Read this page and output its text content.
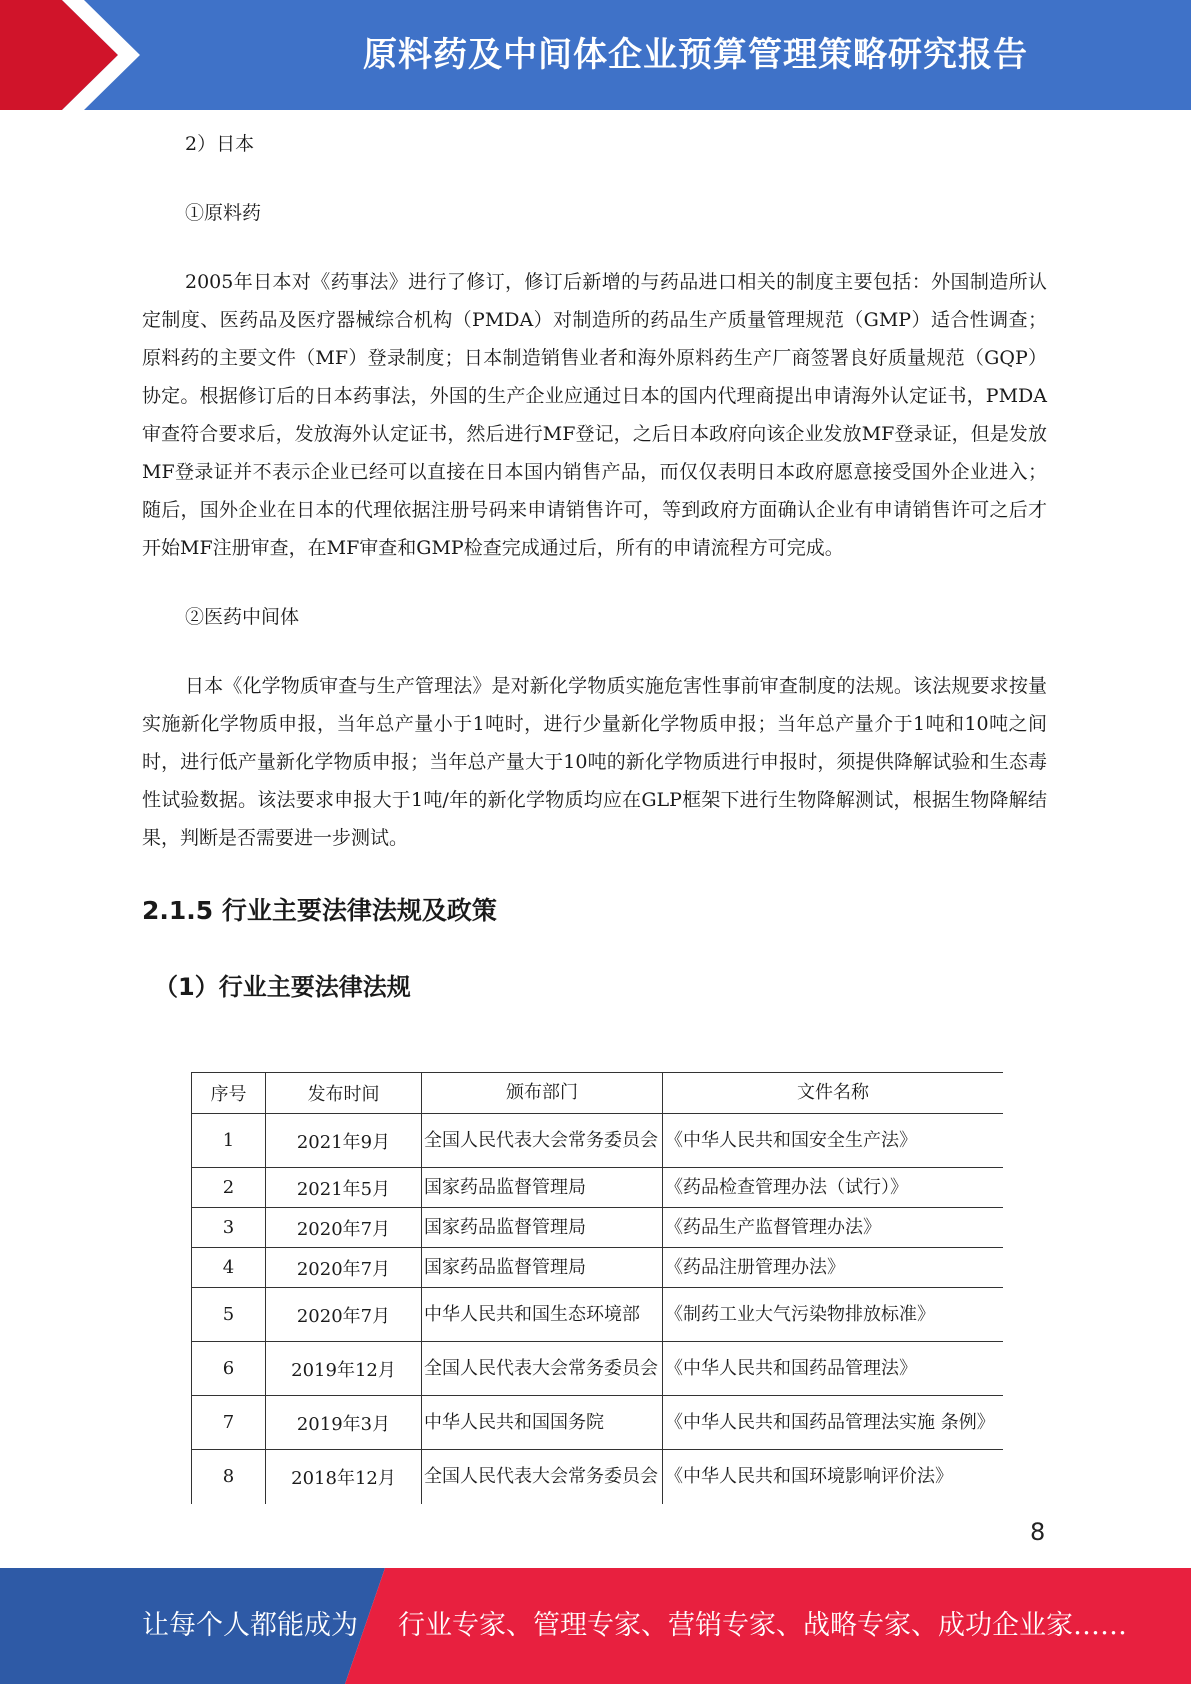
原料药及中间体企业预算管理策略研究报告

2）日本

①原料药

2005年日本对《药事法》进行了修订，修订后新增的与药品进口相关的制度主要包括：外国制造所认定制度、医药品及医疗器械综合机构（PMDA）对制造所的药品生产质量管理规范（GMP）适合性调查；原料药的主要文件（MF）登录制度；日本制造销售业者和海外原料药生产厂商签署良好质量规范（GQP）协定。根据修订后的日本药事法，外国的生产企业应通过日本的国内代理商提出申请海外认定证书，PMDA审查符合要求后，发放海外认定证书，然后进行MF登记，之后日本政府向该企业发放MF登录证，但是发放MF登录证并不表示企业已经可以直接在日本国内销售产品，而仅仅表明日本政府愿意接受国外企业进入；随后，国外企业在日本的代理依据注册号码来申请销售许可，等到政府方面确认企业有申请销售许可之后才开始MF注册审查，在MF审查和GMP检查完成通过后，所有的申请流程方可完成。

②医药中间体

日本《化学物质审查与生产管理法》是对新化学物质实施危害性事前审查制度的法规。该法规要求按量实施新化学物质申报，当年总产量小于1吨时，进行少量新化学物质申报；当年总产量介于1吨和10吨之间时，进行低产量新化学物质申报；当年总产量大于10吨的新化学物质进行申报时，须提供降解试验和生态毒性试验数据。该法要求申报大于1吨/年的新化学物质均应在GLP框架下进行生物降解测试，根据生物降解结果，判断是否需要进一步测试。

2.1.5 行业主要法律法规及政策
（1）行业主要法律法规
序号	发布时间	颁布部门	文件名称
1	2021年9月	全国人民代表大会常务委员会	《中华人民共和国安全生产法》
2	2021年5月	国家药品监督管理局	《药品检查管理办法（试行）》
3	2020年7月	国家药品监督管理局	《药品生产监督管理办法》
4	2020年7月	国家药品监督管理局	《药品注册管理办法》
5	2020年7月	中华人民共和国生态环境部	《制药工业大气污染物排放标准》
6	2019年12月	全国人民代表大会常务委员会	《中华人民共和国药品管理法》
7	2019年3月	中华人民共和国国务院	《中华人民共和国药品管理法实施 条例》
8	2018年12月	全国人民代表大会常务委员会	《中华人民共和国环境影响评价法》
8
让每个人都能成为 行业专家、管理专家、营销专家、战略专家、成功企业家……
